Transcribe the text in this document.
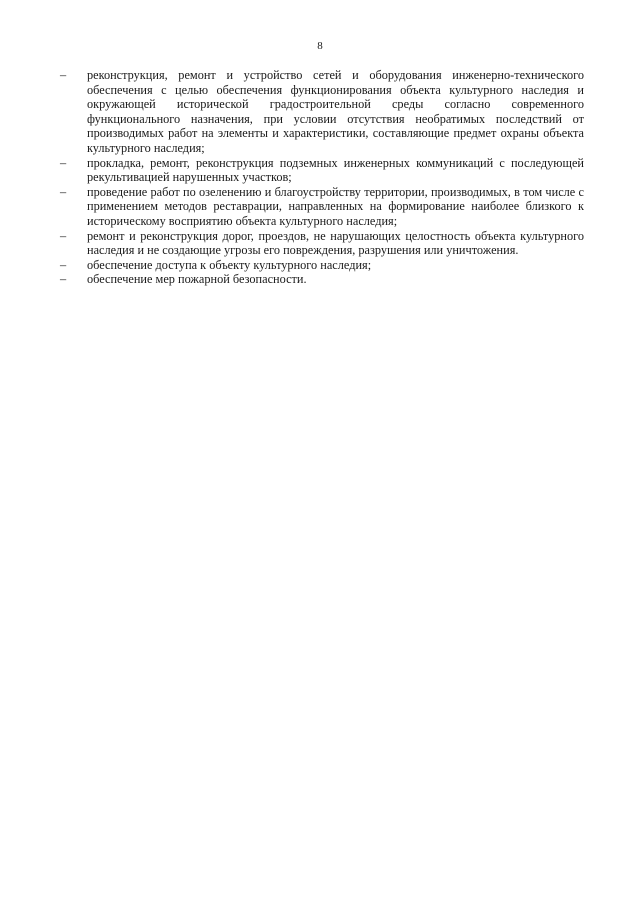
8
–	реконструкция, ремонт и устройство сетей и оборудования инженерно-технического обеспечения с целью обеспечения функционирования объекта культурного наследия и окружающей исторической градостроительной среды согласно современного функционального назначения, при условии отсутствия необратимых последствий от производимых работ на элементы и характеристики, составляющие предмет охраны объекта культурного наследия;
–	прокладка, ремонт, реконструкция подземных инженерных коммуникаций с последующей рекультивацией нарушенных участков;
–	проведение работ по озеленению и благоустройству территории, производимых, в том числе с применением методов реставрации, направленных на формирование наиболее близкого к историческому восприятию объекта культурного наследия;
–	ремонт и реконструкция дорог, проездов, не нарушающих целостность объекта культурного наследия и не создающие угрозы его повреждения, разрушения или уничтожения.
–	обеспечение доступа к объекту культурного наследия;
–	обеспечение мер пожарной безопасности.
